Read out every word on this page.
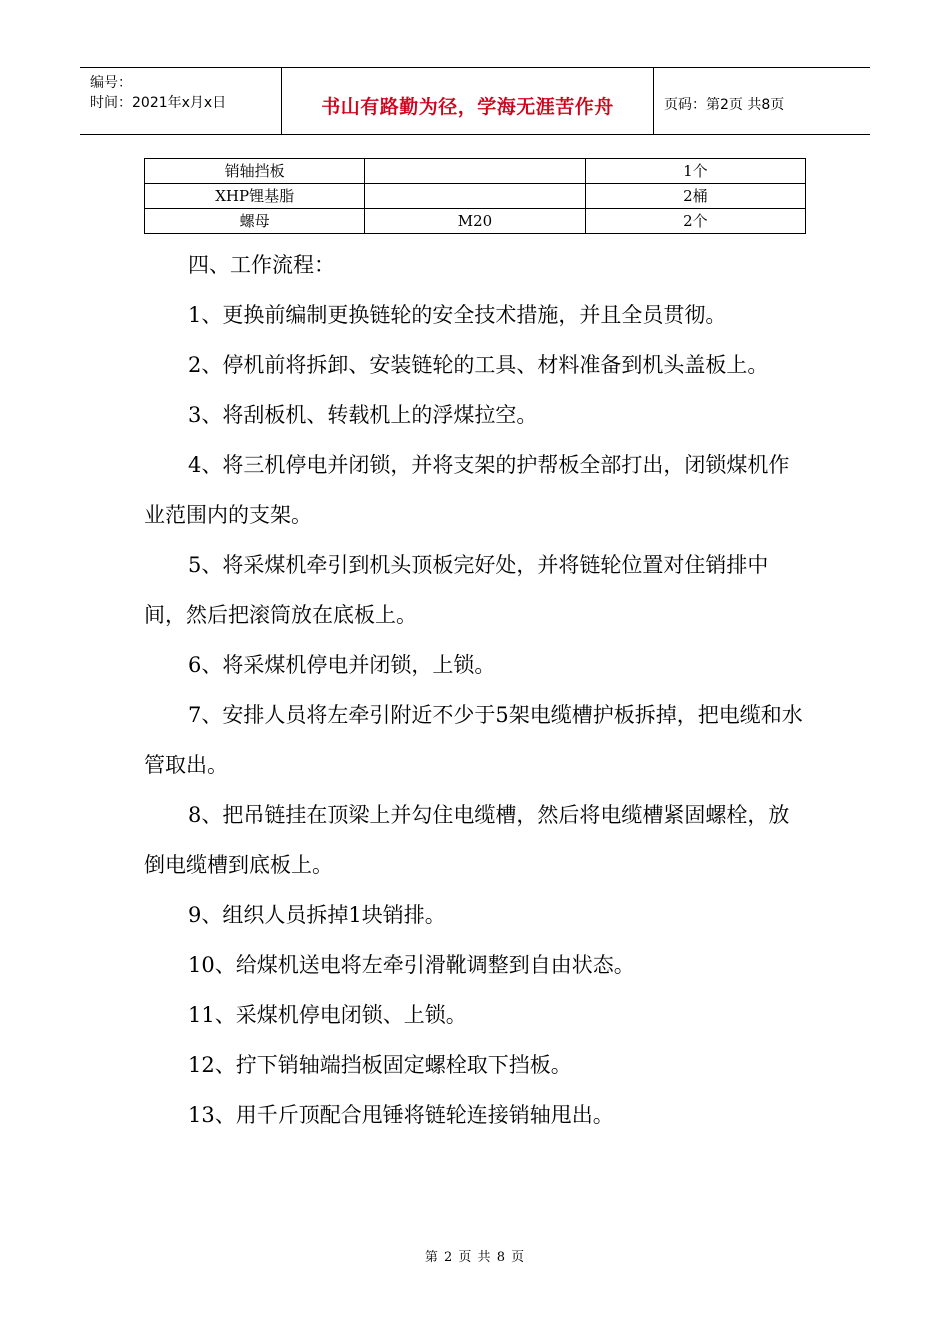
编号：
时间：2021年x月x日	书山有路勤为径，学海无涯苦作舟	页码：第2页 共8页
销轴挡板		1个
XHP锂基脂		2桶
螺母	M20	2个

四、工作流程：

1、更换前编制更换链轮的安全技术措施，并且全员贯彻。

2、停机前将拆卸、安装链轮的工具、材料准备到机头盖板上。

3、将刮板机、转载机上的浮煤拉空。

4、将三机停电并闭锁，并将支架的护帮板全部打出，闭锁煤机作业范围内的支架。

5、将采煤机牵引到机头顶板完好处，并将链轮位置对住销排中间，然后把滚筒放在底板上。

6、将采煤机停电并闭锁，上锁。

7、安排人员将左牵引附近不少于5架电缆槽护板拆掉，把电缆和水管取出。

8、把吊链挂在顶梁上并勾住电缆槽，然后将电缆槽紧固螺栓，放倒电缆槽到底板上。

9、组织人员拆掉1块销排。

10、给煤机送电将左牵引滑靴调整到自由状态。

11、采煤机停电闭锁、上锁。

12、拧下销轴端挡板固定螺栓取下挡板。

13、用千斤顶配合甩锤将链轮连接销轴甩出。

第 2 页 共 8 页
